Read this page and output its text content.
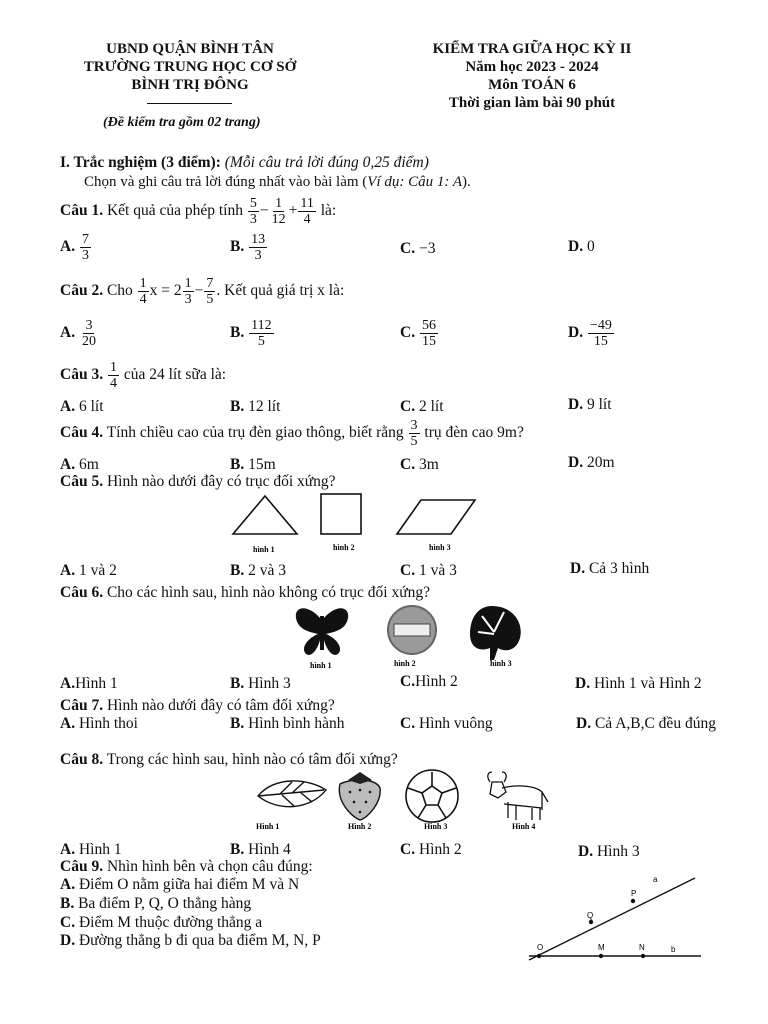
UBND QUẬN BÌNH TÂN
TRƯỜNG TRUNG HỌC CƠ SỞ
BÌNH TRỊ ĐÔNG
(Đề kiểm tra gồm 02 trang)
KIỂM TRA GIỮA HỌC KỲ II
Năm học 2023 - 2024
Môn TOÁN 6
Thời gian làm bài 90 phút
I. Trắc nghiệm (3 điểm): (Mỗi câu trả lời đúng 0,25 điểm)
Chọn và ghi câu trả lời đúng nhất vào bài làm (Ví dụ: Câu 1: A).
Câu 1. Kết quả của phép tính $\frac{5}{3} - \frac{1}{12} + \frac{11}{4}$ là:
A. $\frac{7}{3}$	B. $\frac{13}{3}$	C. −3	D. 0
Câu 2. Cho $\frac{1}{4}$ $x = 2 \frac{1}{3} - \frac{7}{5}$ . Kết quả giá trị x là:
A. $\frac{3}{20}$	B. $\frac{112}{5}$	C. $\frac{56}{15}$	D. $\frac{-49}{15}$
Câu 3. $\frac{1}{4}$ của 24 lít sữa là:
A. 6 lít	B. 12 lít	C. 2 lít	D. 9 lít
Câu 4. Tính chiều cao của trụ đèn giao thông, biết rằng $\frac{3}{5}$ trụ đèn cao 9m?
A. 6m	B. 15m	C. 3m	D. 20m
Câu 5. Hình nào dưới đây có trục đối xứng?
hình 1	hình 2	hình 3
A. 1 và 2	B. 2 và 3	C. 1 và 3	D. Cả 3 hình
Câu 6. Cho các hình sau, hình nào không có trục đối xứng?
hình 1	hình 2	hình 3
A.Hình 1	B. Hình 3	C.Hình 2	D. Hình 1 và Hình 2
Câu 7. Hình nào dưới đây có tâm đối xứng?
A. Hình thoi	B. Hình bình hành	C. Hình vuông	D. Cả A,B,C đều đúng
Câu 8. Trong các hình sau, hình nào có tâm đối xứng?
Hình 1	Hình 2	Hình 3	Hình 4
A. Hình 1	B. Hình 4	C. Hình 2	D. Hình 3
Câu 9. Nhìn hình bên và chọn câu đúng:
A. Điểm O nằm giữa hai điểm M và N
B. Ba điểm P, Q, O thẳng hàng
C. Điểm M thuộc đường thẳng a
D. Đường thẳng b đi qua ba điểm M, N, P	O	M	N	b
Q
P
a
